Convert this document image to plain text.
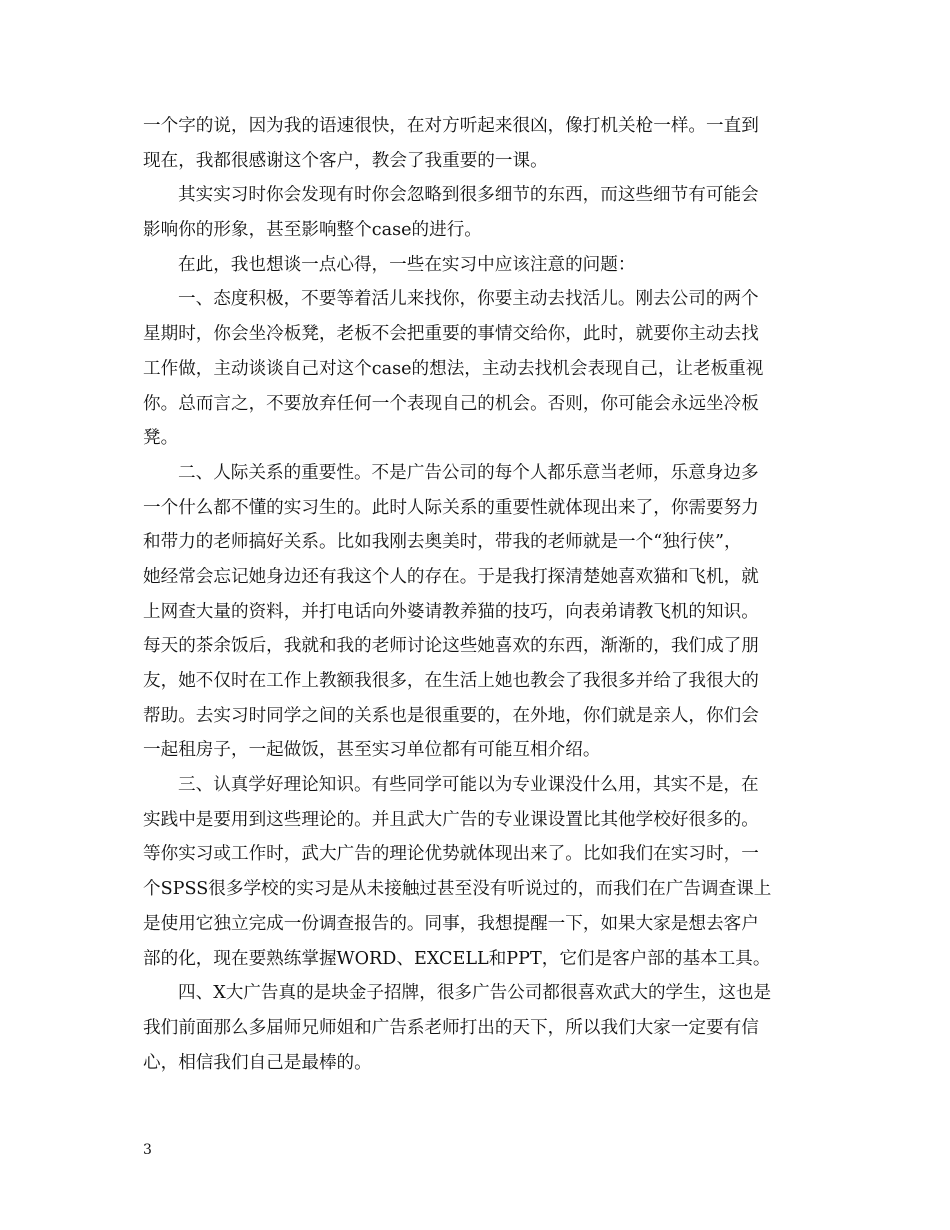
一个字的说，因为我的语速很快，在对方听起来很凶，像打机关枪一样。一直到
现在，我都很感谢这个客户，教会了我重要的一课。
其实实习时你会发现有时你会忽略到很多细节的东西，而这些细节有可能会
影响你的形象，甚至影响整个case的进行。
在此，我也想谈一点心得，一些在实习中应该注意的问题：
一、态度积极，不要等着活儿来找你，你要主动去找活儿。刚去公司的两个
星期时，你会坐冷板凳，老板不会把重要的事情交给你，此时，就要你主动去找
工作做，主动谈谈自己对这个case的想法，主动去找机会表现自己，让老板重视
你。总而言之，不要放弃任何一个表现自己的机会。否则，你可能会永远坐冷板
凳。
二、人际关系的重要性。不是广告公司的每个人都乐意当老师，乐意身边多
一个什么都不懂的实习生的。此时人际关系的重要性就体现出来了，你需要努力
和带力的老师搞好关系。比如我刚去奥美时，带我的老师就是一个“独行侠”，
她经常会忘记她身边还有我这个人的存在。于是我打探清楚她喜欢猫和飞机，就
上网查大量的资料，并打电话向外婆请教养猫的技巧，向表弟请教飞机的知识。
每天的茶余饭后，我就和我的老师讨论这些她喜欢的东西，渐渐的，我们成了朋
友，她不仅时在工作上教额我很多，在生活上她也教会了我很多并给了我很大的
帮助。去实习时同学之间的关系也是很重要的，在外地，你们就是亲人，你们会
一起租房子，一起做饭，甚至实习单位都有可能互相介绍。
三、认真学好理论知识。有些同学可能以为专业课没什么用，其实不是，在
实践中是要用到这些理论的。并且武大广告的专业课设置比其他学校好很多的。
等你实习或工作时，武大广告的理论优势就体现出来了。比如我们在实习时，一
个SPSS很多学校的实习是从未接触过甚至没有听说过的，而我们在广告调查课上
是使用它独立完成一份调查报告的。同事，我想提醒一下，如果大家是想去客户
部的化，现在要熟练掌握WORD、EXCELL和PPT，它们是客户部的基本工具。
四、X大广告真的是块金子招牌，很多广告公司都很喜欢武大的学生，这也是
我们前面那么多届师兄师姐和广告系老师打出的天下，所以我们大家一定要有信
心，相信我们自己是最棒的。
3
